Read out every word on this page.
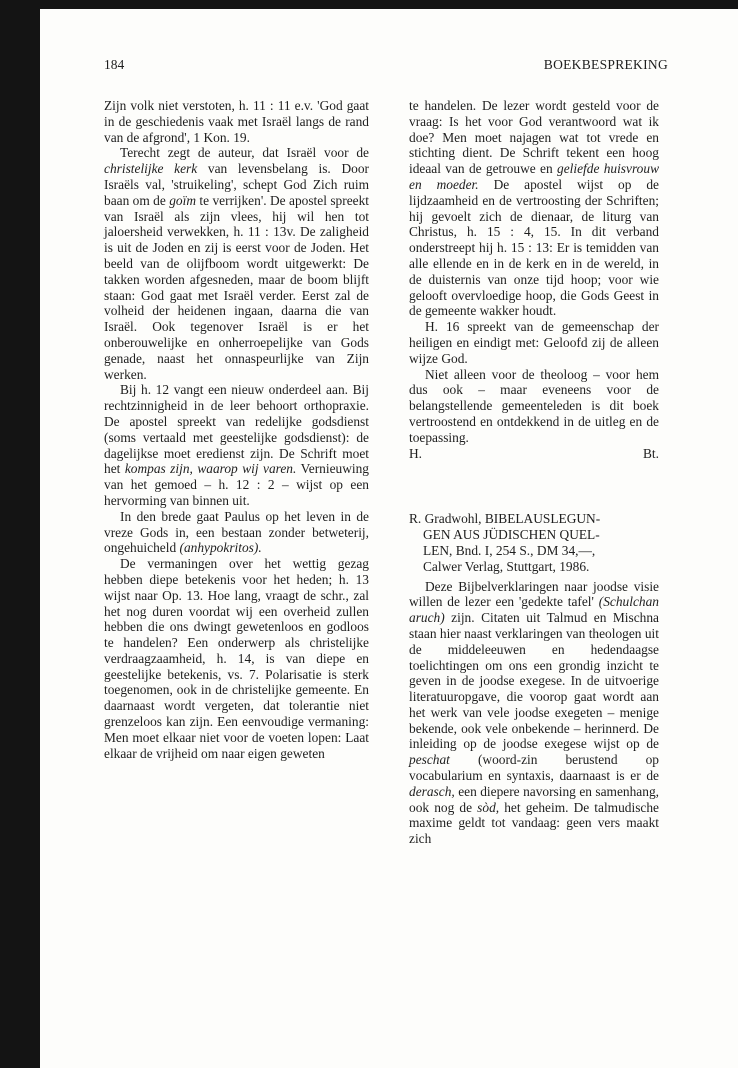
184	BOEKBESPREKING

Zijn volk niet verstoten, h. 11 : 11 e.v. 'God gaat in de geschiedenis vaak met Israël langs de rand van de afgrond', 1 Kon. 19.

Terecht zegt de auteur, dat Israël voor de christelijke kerk van levensbelang is. Door Israëls val, 'struikeling', schept God Zich ruim baan om de goïm te verrijken'. De apostel spreekt van Israël als zijn vlees, hij wil hen tot jaloersheid verwekken, h. 11 : 13v. De zaligheid is uit de Joden en zij is eerst voor de Joden. Het beeld van de olijfboom wordt uitgewerkt: De takken worden afgesneden, maar de boom blijft staan: God gaat met Israël verder. Eerst zal de volheid der heidenen ingaan, daarna die van Israël. Ook tegenover Israël is er het onberouwelijke en onherroepelijke van Gods genade, naast het onnaspeurlijke van Zijn werken.

Bij h. 12 vangt een nieuw onderdeel aan. Bij rechtzinnigheid in de leer behoort orthopraxie. De apostel spreekt van redelijke godsdienst (soms vertaald met geestelijke godsdienst): de dagelijkse moet eredienst zijn. De Schrift moet het kompas zijn, waarop wij varen. Vernieuwing van het gemoed – h. 12 : 2 – wijst op een hervorming van binnen uit.

In den brede gaat Paulus op het leven in de vreze Gods in, een bestaan zonder betweterij, ongehuicheld (anhypokritos).

De vermaningen over het wettig gezag hebben diepe betekenis voor het heden; h. 13 wijst naar Op. 13. Hoe lang, vraagt de schr., zal het nog duren voordat wij een overheid zullen hebben die ons dwingt gewetenloos en godloos te handelen? Een onderwerp als christelijke verdraagzaamheid, h. 14, is van diepe en geestelijke betekenis, vs. 7. Polarisatie is sterk toegenomen, ook in de christelijke gemeente. En daarnaast wordt vergeten, dat tolerantie niet grenzeloos kan zijn. Een eenvoudige vermaning: Men moet elkaar niet voor de voeten lopen: Laat elkaar de vrijheid om naar eigen geweten

te handelen. De lezer wordt gesteld voor de vraag: Is het voor God verantwoord wat ik doe? Men moet najagen wat tot vrede en stichting dient. De Schrift tekent een hoog ideaal van de getrouwe en geliefde huisvrouw en moeder. De apostel wijst op de lijdzaamheid en de vertroosting der Schriften; hij gevoelt zich de dienaar, de liturg van Christus, h. 15 : 4, 15. In dit verband onderstreept hij h. 15 : 13: Er is temidden van alle ellende en in de kerk en in de wereld, in de duisternis van onze tijd hoop; voor wie gelooft overvloedige hoop, die Gods Geest in de gemeente wakker houdt.

H. 16 spreekt van de gemeenschap der heiligen en eindigt met: Geloofd zij de alleen wijze God.

Niet alleen voor de theoloog – voor hem dus ook – maar eveneens voor de belangstellende gemeenteleden is dit boek vertroostend en ontdekkend in de uitleg en de toepassing.

H.	Bt.
R. Gradwohl, BIBELAUSLEGUN-
GEN AUS JÜDISCHEN QUEL-
LEN, Bnd. I, 254 S., DM 34,—,
Calwer Verlag, Stuttgart, 1986.

Deze Bijbelverklaringen naar joodse visie willen de lezer een 'gedekte tafel' (Schulchan aruch) zijn. Citaten uit Talmud en Mischna staan hier naast verklaringen van theologen uit de middeleeuwen en hedendaagse toelichtingen om ons een grondig inzicht te geven in de joodse exegese. In de uitvoerige literatuuropgave, die voorop gaat wordt aan het werk van vele joodse exegeten – menige bekende, ook vele onbekende – herinnerd. De inleiding op de joodse exegese wijst op de peschat (woord-zin berustend op vocabularium en syntaxis, daarnaast is er de derasch, een diepere navorsing en samenhang, ook nog de sòd, het geheim. De talmudische maxime geldt tot vandaag: geen vers maakt zich
